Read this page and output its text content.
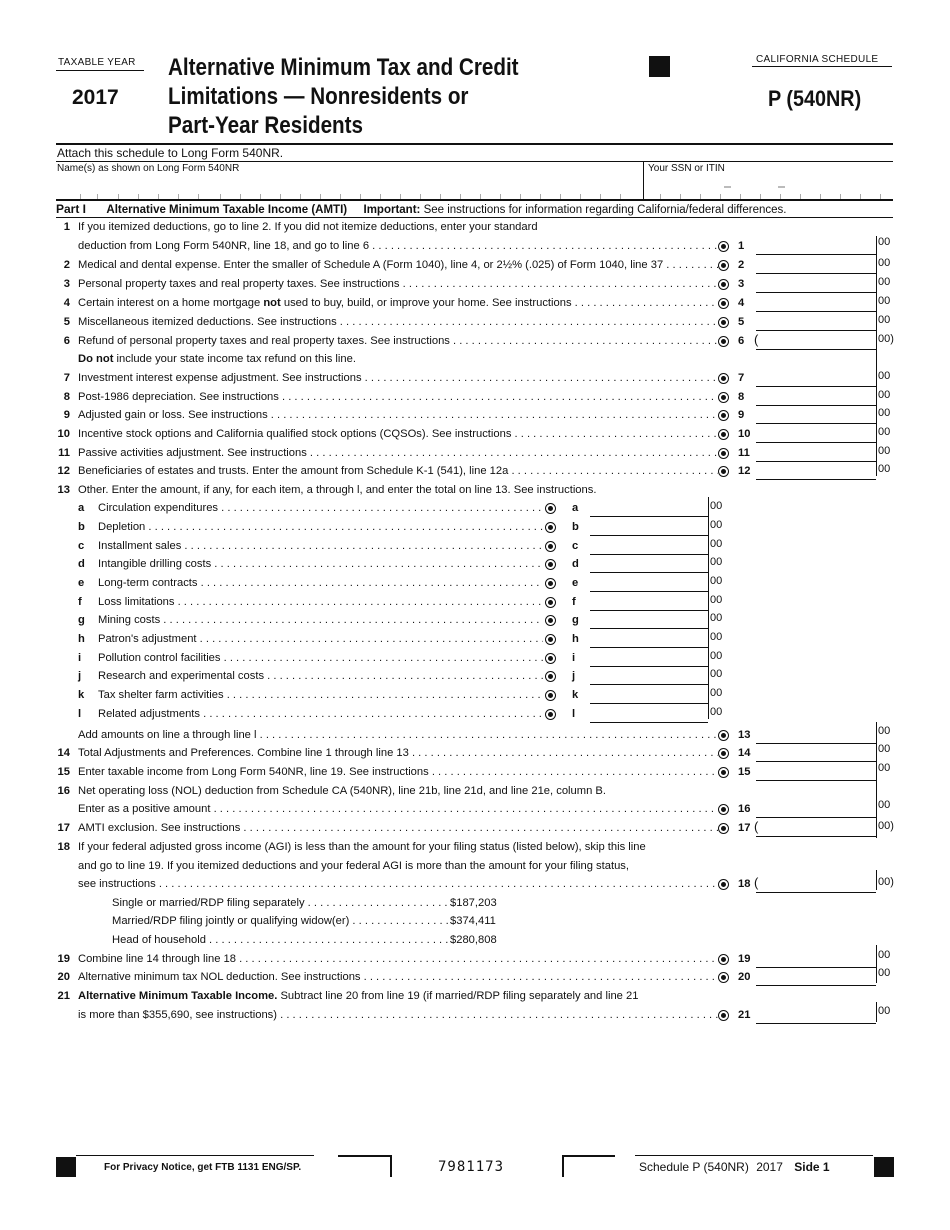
TAXABLE YEAR
2017
Alternative Minimum Tax and Credit
Limitations — Nonresidents or
Part-Year Residents
CALIFORNIA SCHEDULE
P (540NR)
Attach this schedule to Long Form 540NR.
Name(s) as shown on Long Form 540NR	Your SSN or ITIN
Part I Alternative Minimum Taxable Income (AMTI) Important: See instructions for information regarding California/federal differences.
1 If you itemized deductions, go to line 2. If you did not itemize deductions, enter your standard
deduction from Long Form 540NR, line 18, and go to line 6 . . .	1	00
2 Medical and dental expense. Enter the smaller of Schedule A (Form 1040), line 4, or 2½% (.025) of Form 1040, line 37 . . .	2	00
3 Personal property taxes and real property taxes. See instructions . . .	3	00
4 Certain interest on a home mortgage not used to buy, build, or improve your home. See instructions . . .	4	00
5 Miscellaneous itemized deductions. See instructions . . .	5	00
6 Refund of personal property taxes and real property taxes. See instructions . . .	6 (	00)
Do not include your state income tax refund on this line.
7 Investment interest expense adjustment. See instructions . . .	7	00
8 Post-1986 depreciation. See instructions . . .	8	00
9 Adjusted gain or loss. See instructions . . .	9	00
10 Incentive stock options and California qualified stock options (CQSOs). See instructions . . .	10	00
11 Passive activities adjustment. See instructions . . .	11	00
12 Beneficiaries of estates and trusts. Enter the amount from Schedule K-1 (541), line 12a . . .	12	00
13 Other. Enter the amount, if any, for each item, a through l, and enter the total on line 13. See instructions.
a	Circulation expenditures . . .	a	00
b	Depletion . . .	b	00
c	Installment sales . . .	c	00
d	Intangible drilling costs . . .	d	00
e	Long-term contracts . . .	e	00
f	Loss limitations . . .	f	00
g	Mining costs . . .	g	00
h	Patron's adjustment . . .	h	00
i	Pollution control facilities . . .	i	00
j	Research and experimental costs . . .	j	00
k	Tax shelter farm activities . . .	k	00
l	Related adjustments . . .	l	00
Add amounts on line a through line l . . .	13	00
14 Total Adjustments and Preferences. Combine line 1 through line 13 . . .	14	00
15 Enter taxable income from Long Form 540NR, line 19. See instructions . . .	15	00
16 Net operating loss (NOL) deduction from Schedule CA (540NR), line 21b, line 21d, and line 21e, column B.
Enter as a positive amount . . .	16	00
17 AMTI exclusion. See instructions . . .	17 (	00)
18 If your federal adjusted gross income (AGI) is less than the amount for your filing status (listed below), skip this line
and go to line 19. If you itemized deductions and your federal AGI is more than the amount for your filing status,
see instructions . . .	18 (	00)
Single or married/RDP filing separately . . .	$187,203
Married/RDP filing jointly or qualifying widow(er) . . .	$374,411
Head of household . . .	$280,808
19 Combine line 14 through line 18 . . .	19	00
20 Alternative minimum tax NOL deduction. See instructions . . .	20	00
21 Alternative Minimum Taxable Income. Subtract line 20 from line 19 (if married/RDP filing separately and line 21
is more than $355,690, see instructions) . . .	21	00
For Privacy Notice, get FTB 1131 ENG/SP.	7981173	Schedule P (540NR) 2017 Side 1
